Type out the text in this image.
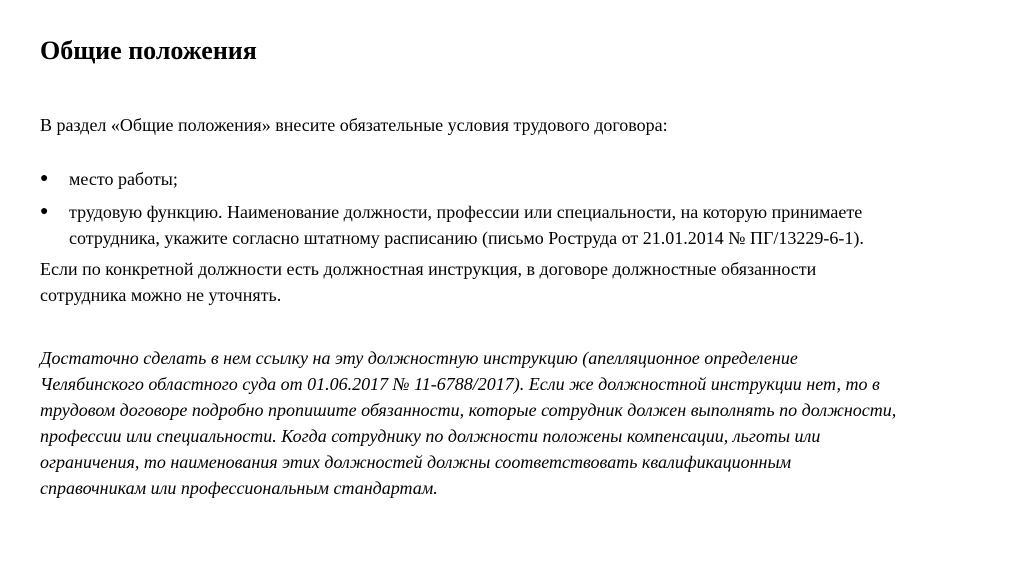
Общие положения

В раздел «Общие положения» внесите обязательные условия трудового договора:

● место работы;
● трудовую функцию. Наименование должности, профессии или специальности, на которую принимаете
сотрудника, укажите согласно штатному расписанию (письмо Роструда от 21.01.2014 № ПГ/13229-6-1).

Если по конкретной должности есть должностная инструкция, в договоре должностные обязанности
сотрудника можно не уточнять.

Достаточно сделать в нем ссылку на эту должностную инструкцию (апелляционное определение
Челябинского областного суда от 01.06.2017 № 11-6788/2017). Если же должностной инструкции нет, то в
трудовом договоре подробно пропишите обязанности, которые сотрудник должен выполнять по должности,
профессии или специальности. Когда сотруднику по должности положены компенсации, льготы или
ограничения, то наименования этих должностей должны соответствовать квалификационным
справочникам или профессиональным стандартам.
